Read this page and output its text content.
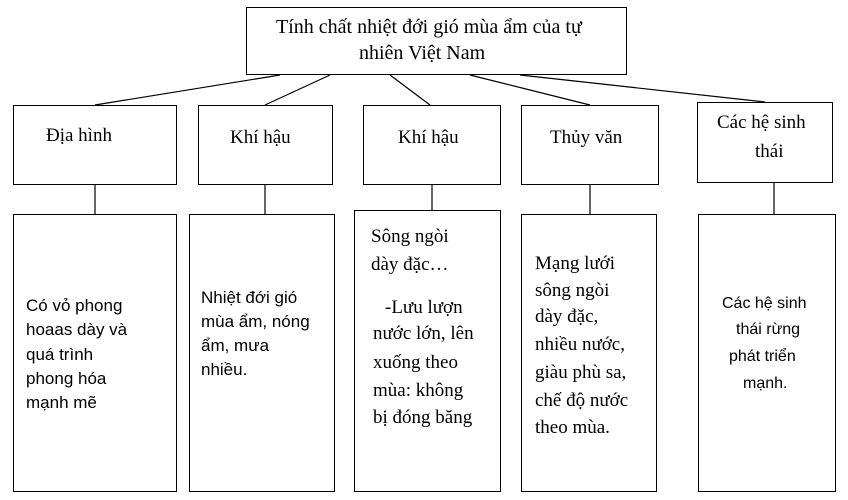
Tính chất nhiệt đới gió mùa ẩm của tự
nhiên Việt Nam
Địa hình	Khí hậu	Khí hậu	Thủy văn
Các hệ sinh
thái
Có vỏ phong
hoaas dày và
quá trình
phong hóa
mạnh mẽ
Nhiệt đới gió
mùa ẩm, nóng
ẩm, mưa
nhiều.
Sông ngòi
dày đặc…
-Lưu lượn
nước lớn, lên
xuống theo
mùa: không
bị đóng băng
Mạng lưới
sông ngòi
dày đặc,
nhiều nước,
giàu phù sa,
chế độ nước
theo mùa.
Các hệ sinh
thái rừng
phát triển
mạnh.
